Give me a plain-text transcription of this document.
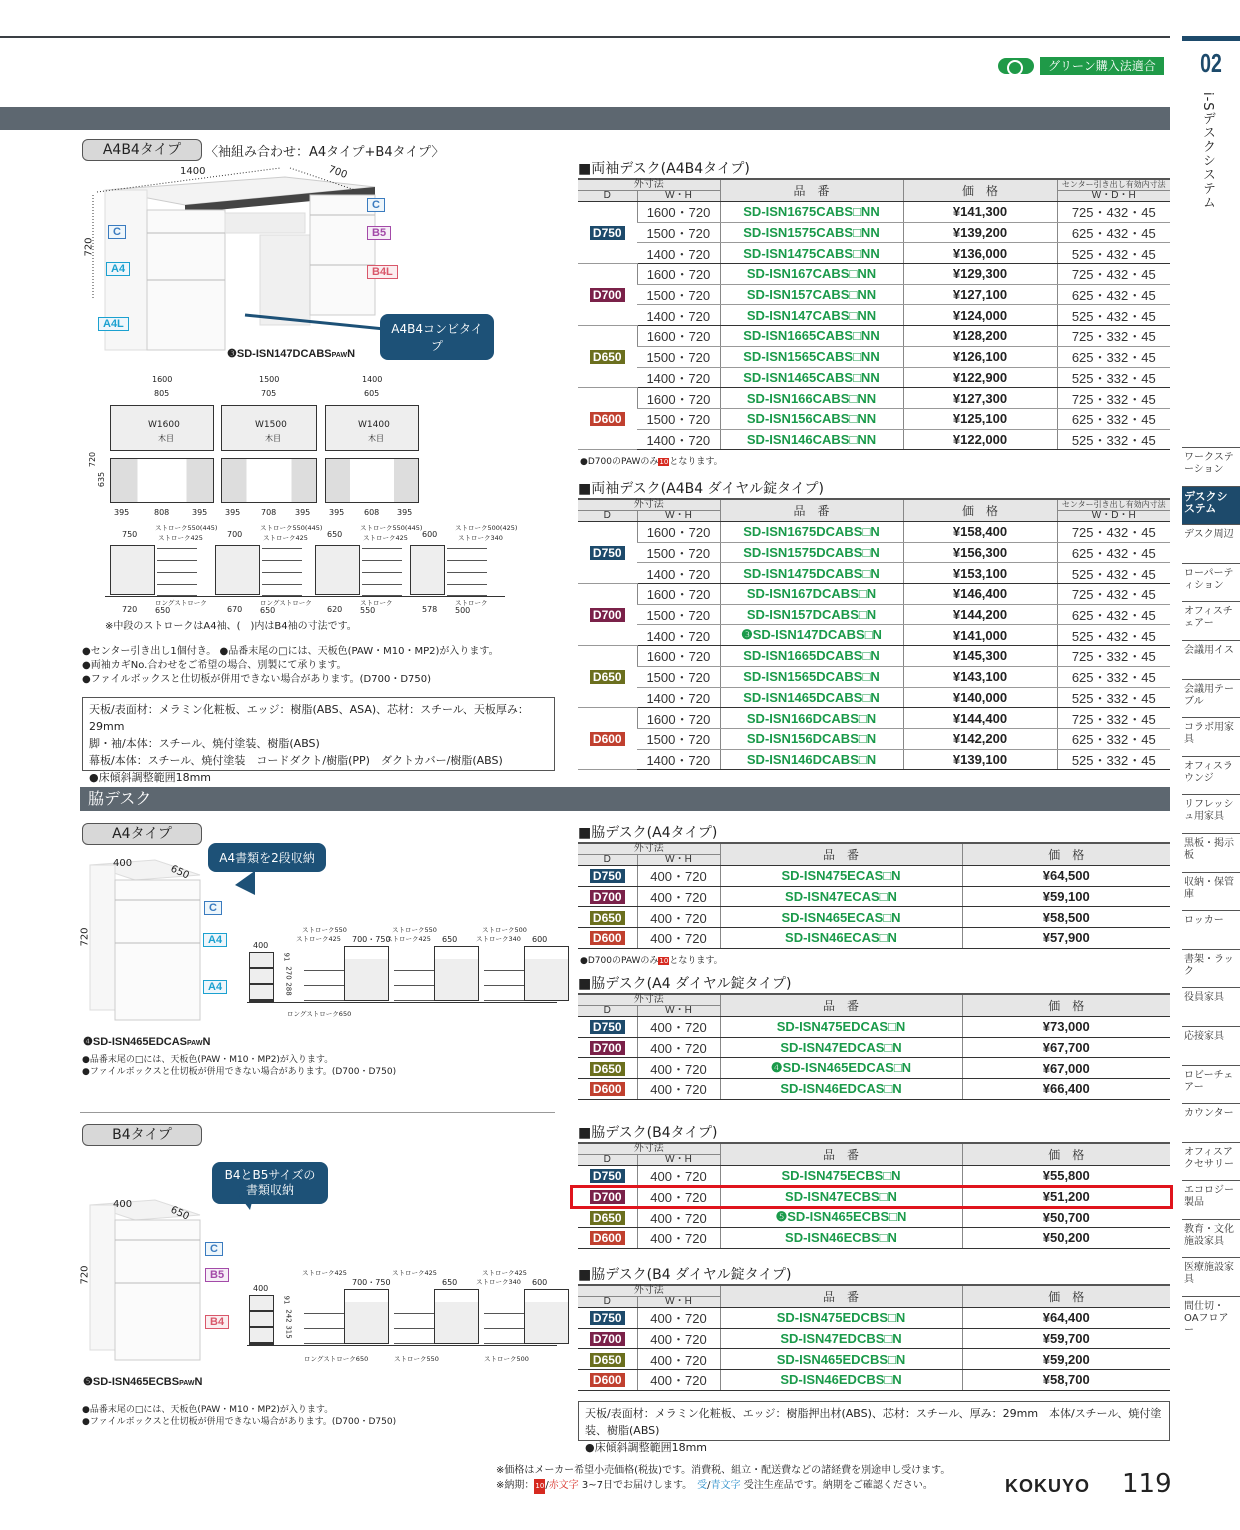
グリーン購入法適合	02
i-Sデスクシステム
ワークステーション
デスクシステム
デスク周辺
ローパーティション
オフィスチェアー
会議用イス
会議用テーブル
コラボ用家具
オフィスラウンジ
リフレッシュ用家具
黒板・掲示板
収納・保管庫
ロッカー
書架・ラック
役員家具
応接家具
ロビーチェアー
カウンター
オフィスアクセサリー
エコロジー製品
教育・文化施設家具
医療施設家具
間仕切・OAフロアー
A4B4タイプ	〈袖組み合わせ：A4タイプ+B4タイプ〉
1400	700
720
C
A4
A4L
C
B5
B4L
A4B4コンビタイプ
❸SD-ISN147DCABSPAWN
1600
805
W1600
木目
395	808	395
1500
705
W1500
木目
395	708 395
1400
605
W1400
木目
395 608 395
750
ストローク550(445)
ストローク425
720
ロングストローク
650
700
ストローク550(445)
ストローク425
670
ロングストローク
650
650
ストローク550(445)
ストローク425
620
ストローク
550
600
ストローク500(425)
ストローク340
578
ストローク
500
720
635
※中段のストロークはA4袖、(　)内はB4袖の寸法です。
●センター引き出し1個付き。 ●品番末尾の□には、天板色(PAW・M10・MP2)が入ります。
●両袖カギNo.合わせをご希望の場合、別製にて承ります。
●ファイルボックスと仕切板が併用できない場合があります。(D700・D750)
天板/表面材：メラミン化粧板、エッジ：樹脂(ABS、ASA)、芯材：スチール、天板厚み：29mm
脚・袖/本体：スチール、焼付塗装、樹脂(ABS)
幕板/本体：スチール、焼付塗装　コードダクト/樹脂(PP)　ダクトカバー/樹脂(ABS)
●床傾斜調整範囲18mm
脇デスク
A4タイプ
A4書類を2段収納
400
650
720
C
A4
A4
❹SD-ISN465EDCASPAWN
400
91
270
288
ロングストローク650
ストローク550
ストローク425 700・750
ストローク550
ストローク425 650
ストローク500
ストローク340 600
●品番末尾の□には、天板色(PAW・M10・MP2)が入ります。
●ファイルボックスと仕切板が併用できない場合があります。(D700・D750)
B4タイプ
B4とB5サイズの
書類収納
400
650
720
C
B5
B4
❺SD-ISN465ECBSPAWN
400
91
242
315
ストローク425
700・750
ロングストローク650
ストローク425
650
ストローク550
ストローク425
ストローク340 600
ストローク500
●品番末尾の□には、天板色(PAW・M10・MP2)が入ります。
●ファイルボックスと仕切板が併用できない場合があります。(D700・D750)
■両袖デスク(A4B4タイプ)
外寸法		品　番	価　格	センター引き出し有効内寸法
D	W・H			W・D・H
D750	1600・720	SD-ISN1675CABS□NN	¥141,300	725・432・45
	1500・720	SD-ISN1575CABS□NN	¥139,200	625・432・45
	1400・720	SD-ISN1475CABS□NN	¥136,000	525・432・45
D700	1600・720	SD-ISN167CABS□NN	¥129,300	725・432・45
	1500・720	SD-ISN157CABS□NN	¥127,100	625・432・45
	1400・720	SD-ISN147CABS□NN	¥124,000	525・432・45
D650	1600・720	SD-ISN1665CABS□NN	¥128,200	725・332・45
	1500・720	SD-ISN1565CABS□NN	¥126,100	625・332・45
	1400・720	SD-ISN1465CABS□NN	¥122,900	525・332・45
D600	1600・720	SD-ISN166CABS□NN	¥127,300	725・332・45
	1500・720	SD-ISN156CABS□NN	¥125,100	625・332・45
	1400・720	SD-ISN146CABS□NN	¥122,000	525・332・45
●D700のPAWのみ10となります。
■両袖デスク(A4B4 ダイヤル錠タイプ)
外寸法		品　番	価　格	センター引き出し有効内寸法
D	W・H			W・D・H
D750	1600・720	SD-ISN1675DCABS□N	¥158,400	725・432・45
	1500・720	SD-ISN1575DCABS□N	¥156,300	625・432・45
	1400・720	SD-ISN1475DCABS□N	¥153,100	525・432・45
D700	1600・720	SD-ISN167DCABS□N	¥146,400	725・432・45
	1500・720	SD-ISN157DCABS□N	¥144,200	625・432・45
	1400・720	❸SD-ISN147DCABS□N	¥141,000	525・432・45
D650	1600・720	SD-ISN1665DCABS□N	¥145,300	725・332・45
	1500・720	SD-ISN1565DCABS□N	¥143,100	625・332・45
	1400・720	SD-ISN1465DCABS□N	¥140,000	525・332・45
D600	1600・720	SD-ISN166DCABS□N	¥144,400	725・332・45
	1500・720	SD-ISN156DCABS□N	¥142,200	625・332・45
	1400・720	SD-ISN146DCABS□N	¥139,100	525・332・45
■脇デスク(A4タイプ)
外寸法		品　番	価　格
D	W・H		
D750	400・720	SD-ISN475ECAS□N	¥64,500
D700	400・720	SD-ISN47ECAS□N	¥59,100
D650	400・720	SD-ISN465ECAS□N	¥58,500
D600	400・720	SD-ISN46ECAS□N	¥57,900
●D700のPAWのみ10となります。
■脇デスク(A4 ダイヤル錠タイプ)
外寸法		品　番	価　格
D	W・H		
D750	400・720	SD-ISN475EDCAS□N	¥73,000
D700	400・720	SD-ISN47EDCAS□N	¥67,700
D650	400・720	❹SD-ISN465EDCAS□N	¥67,000
D600	400・720	SD-ISN46EDCAS□N	¥66,400
■脇デスク(B4タイプ)
外寸法		品　番	価　格
D	W・H		
D750	400・720	SD-ISN475ECBS□N	¥55,800
D700	400・720	SD-ISN47ECBS□N	¥51,200
D650	400・720	❺SD-ISN465ECBS□N	¥50,700
D600	400・720	SD-ISN46ECBS□N	¥50,200
■脇デスク(B4 ダイヤル錠タイプ)
外寸法		品　番	価　格
D	W・H		
D750	400・720	SD-ISN475EDCBS□N	¥64,400
D700	400・720	SD-ISN47EDCBS□N	¥59,700
D650	400・720	SD-ISN465EDCBS□N	¥59,200
D600	400・720	SD-ISN46EDCBS□N	¥58,700
天板/表面材：メラミン化粧板、エッジ：樹脂押出材(ABS)、芯材：スチール、厚み：29mm　本体/スチール、焼付塗装、樹脂(ABS)
●床傾斜調整範囲18mm
※価格はメーカー希望小売価格(税抜)です。消費税、組立・配送費などの諸経費を別途申し受けます。
※納期：10/赤文字 3~7日でお届けします。　受/青文字 受注生産品です。納期をご確認ください。	KOKUYO 119
